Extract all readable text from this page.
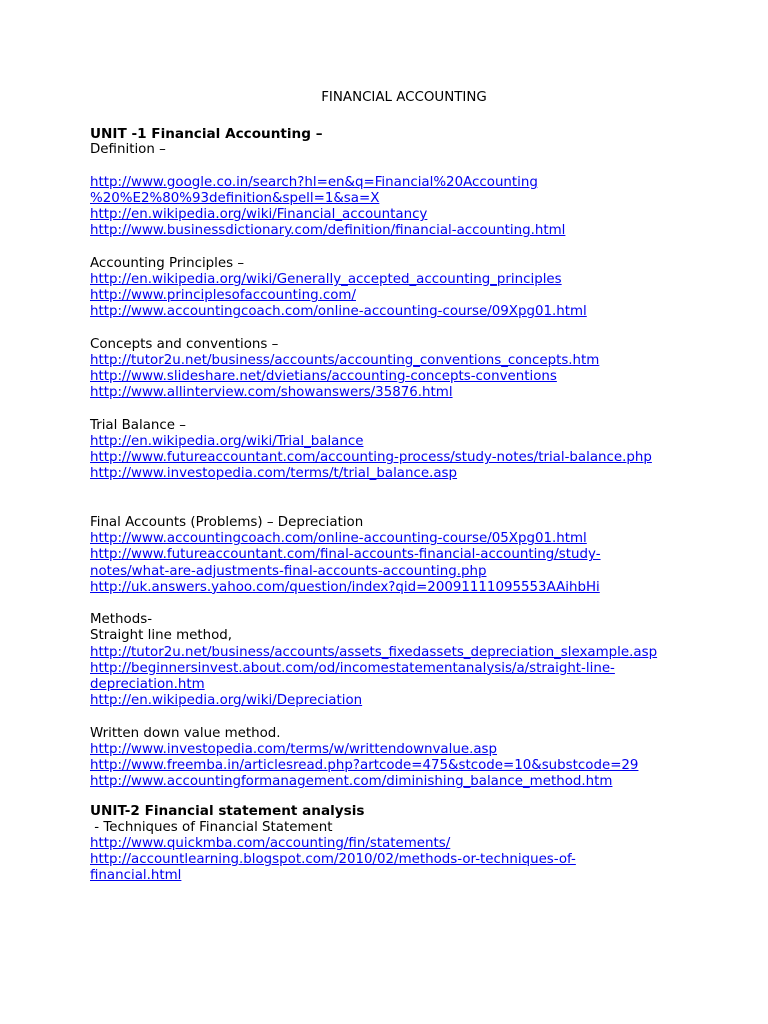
FINANCIAL ACCOUNTING
UNIT -1 Financial Accounting –
Definition –
http://www.google.co.in/search?hl=en&q=Financial%20Accounting
%20%E2%80%93definition&spell=1&sa=X
http://en.wikipedia.org/wiki/Financial_accountancy
http://www.businessdictionary.com/definition/financial-accounting.html
Accounting Principles –
http://en.wikipedia.org/wiki/Generally_accepted_accounting_principles
http://www.principlesofaccounting.com/
http://www.accountingcoach.com/online-accounting-course/09Xpg01.html
Concepts and conventions –
http://tutor2u.net/business/accounts/accounting_conventions_concepts.htm
http://www.slideshare.net/dvietians/accounting-concepts-conventions
http://www.allinterview.com/showanswers/35876.html
Trial Balance –
http://en.wikipedia.org/wiki/Trial_balance
http://www.futureaccountant.com/accounting-process/study-notes/trial-balance.php
http://www.investopedia.com/terms/t/trial_balance.asp
Final Accounts (Problems) – Depreciation
http://www.accountingcoach.com/online-accounting-course/05Xpg01.html
http://www.futureaccountant.com/final-accounts-financial-accounting/study-
notes/what-are-adjustments-final-accounts-accounting.php
http://uk.answers.yahoo.com/question/index?qid=20091111095553AAihbHi
Methods-
Straight line method,
http://tutor2u.net/business/accounts/assets_fixedassets_depreciation_slexample.asp
http://beginnersinvest.about.com/od/incomestatementanalysis/a/straight-line-
depreciation.htm
http://en.wikipedia.org/wiki/Depreciation
Written down value method.
http://www.investopedia.com/terms/w/writtendownvalue.asp
http://www.freemba.in/articlesread.php?artcode=475&stcode=10&substcode=29
http://www.accountingformanagement.com/diminishing_balance_method.htm
UNIT-2 Financial statement analysis
- Techniques of Financial Statement
http://www.quickmba.com/accounting/fin/statements/
http://accountlearning.blogspot.com/2010/02/methods-or-techniques-of-
financial.html
